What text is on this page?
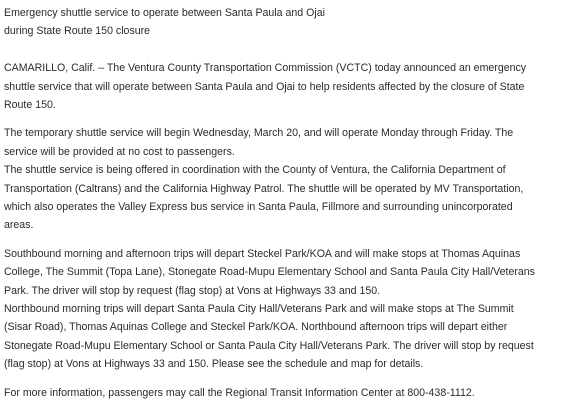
Emergency shuttle service to operate between Santa Paula and Ojai
during State Route 150 closure

CAMARILLO, Calif. – The Ventura County Transportation Commission (VCTC) today announced an emergency shuttle service that will operate between Santa Paula and Ojai to help residents affected by the closure of State Route 150.

The temporary shuttle service will begin Wednesday, March 20, and will operate Monday through Friday. The service will be provided at no cost to passengers.

The shuttle service is being offered in coordination with the County of Ventura, the California Department of Transportation (Caltrans) and the California Highway Patrol. The shuttle will be operated by MV Transportation, which also operates the Valley Express bus service in Santa Paula, Fillmore and surrounding unincorporated areas.

Southbound morning and afternoon trips will depart Steckel Park/KOA and will make stops at Thomas Aquinas College, The Summit (Topa Lane), Stonegate Road-Mupu Elementary School and Santa Paula City Hall/Veterans Park. The driver will stop by request (flag stop) at Vons at Highways 33 and 150.

Northbound morning trips will depart Santa Paula City Hall/Veterans Park and will make stops at The Summit (Sisar Road), Thomas Aquinas College and Steckel Park/KOA. Northbound afternoon trips will depart either Stonegate Road-Mupu Elementary School or Santa Paula City Hall/Veterans Park. The driver will stop by request (flag stop) at Vons at Highways 33 and 150. Please see the schedule and map for details.

For more information, passengers may call the Regional Transit Information Center at 800-438-1112.
